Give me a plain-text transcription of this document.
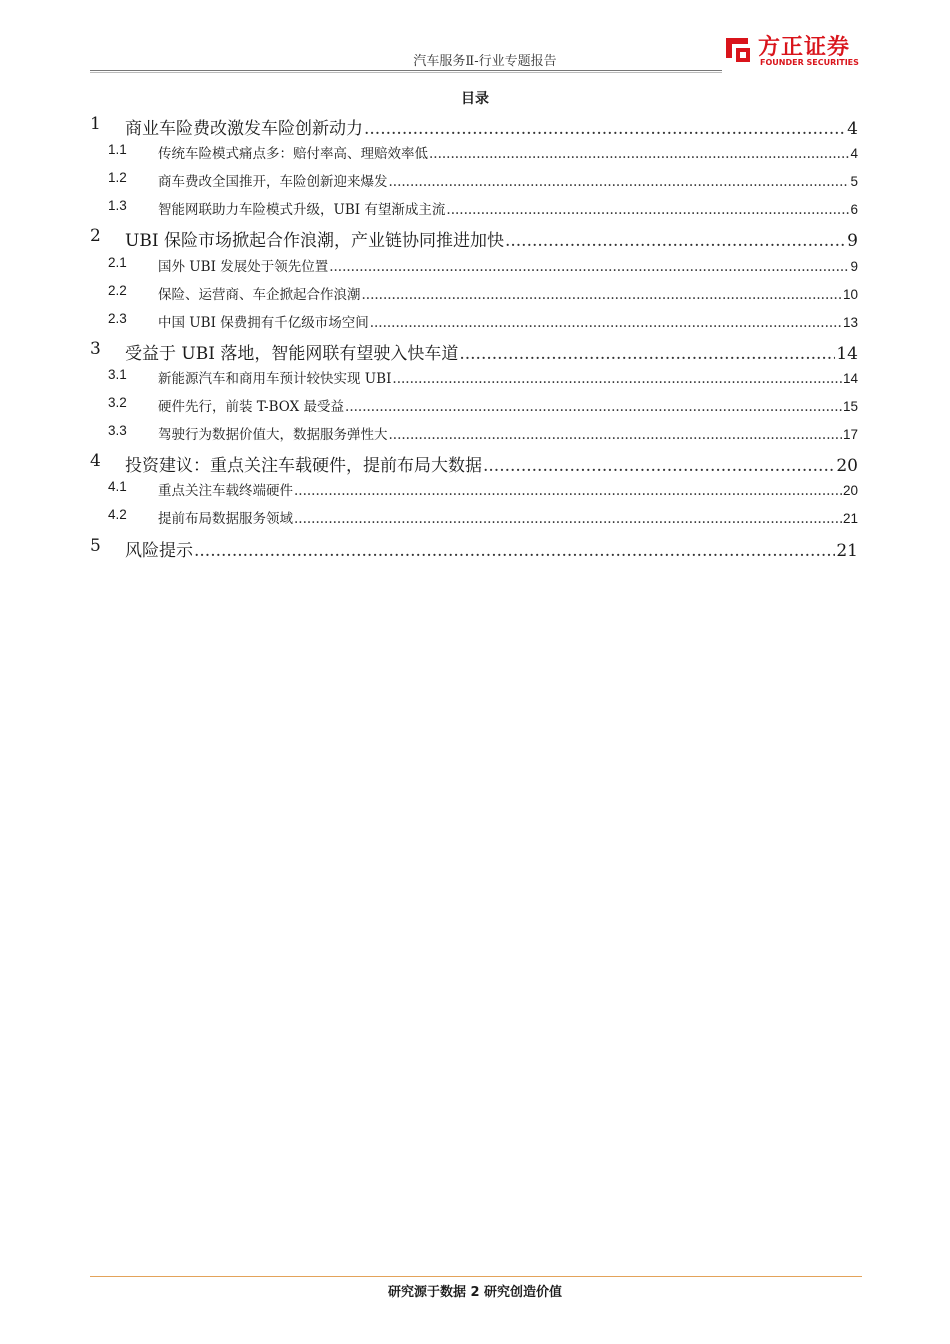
汽车服务Ⅱ-行业专题报告
方正证券
FOUNDER SECURITIES
目录
1 商业车险费改激发车险创新动力 .....	4
1.1 传统车险模式痛点多：赔付率高、理赔效率低 .....	4
1.2 商车费改全国推开，车险创新迎来爆发 .....	5
1.3 智能网联助力车险模式升级，UBI 有望渐成主流 .....	6
2 UBI 保险市场掀起合作浪潮，产业链协同推进加快 .....	9
2.1 国外 UBI 发展处于领先位置 .....	9
2.2 保险、运营商、车企掀起合作浪潮 .....	10
2.3 中国 UBI 保费拥有千亿级市场空间 .....	13
3 受益于 UBI 落地，智能网联有望驶入快车道 .....	14
3.1 新能源汽车和商用车预计较快实现 UBI .....	14
3.2 硬件先行，前装 T-BOX 最受益 .....	15
3.3 驾驶行为数据价值大，数据服务弹性大 .....	17
4 投资建议：重点关注车载硬件，提前布局大数据 .....	20
4.1 重点关注车载终端硬件 .....	20
4.2 提前布局数据服务领域 .....	21
5 风险提示 .....	21
研究源于数据 2 研究创造价值
